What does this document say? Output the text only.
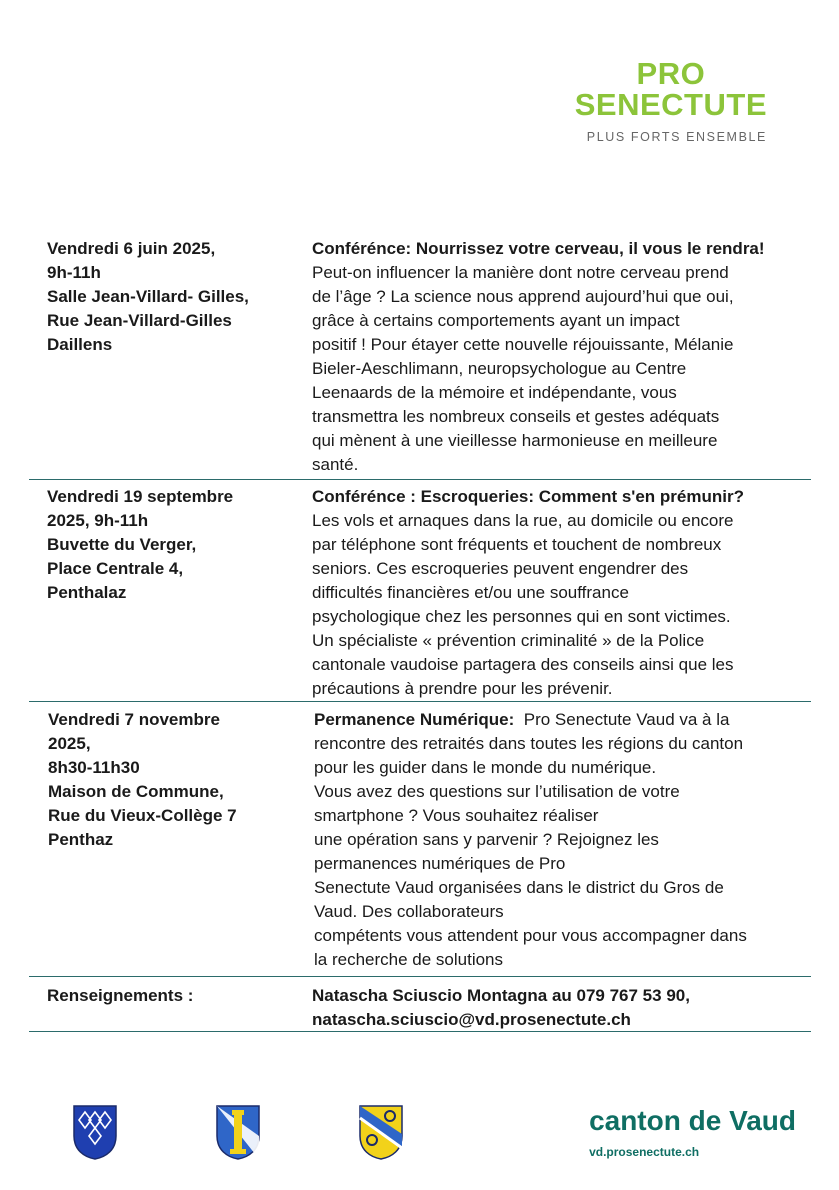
PRO
SENECTUTE
PLUS FORTS ENSEMBLE
Vendredi 6 juin 2025,
9h-11h
Salle Jean-Villard- Gilles,
Rue Jean-Villard-Gilles
Daillens
Conférénce: Nourrissez votre cerveau, il vous le rendra!
Peut-on influencer la manière dont notre cerveau prend
de l’âge ? La science nous apprend aujourd’hui que oui,
grâce à certains comportements ayant un impact
positif ! Pour étayer cette nouvelle réjouissante, Mélanie
Bieler-Aeschlimann, neuropsychologue au Centre
Leenaards de la mémoire et indépendante, vous
transmettra les nombreux conseils et gestes adéquats
qui mènent à une vieillesse harmonieuse en meilleure
santé.
Vendredi 19 septembre
2025, 9h-11h
Buvette du Verger,
Place Centrale 4,
Penthalaz
Conférénce : Escroqueries: Comment s'en prémunir?
Les vols et arnaques dans la rue, au domicile ou encore
par téléphone sont fréquents et touchent de nombreux
seniors. Ces escroqueries peuvent engendrer des
difficultés financières et/ou une souffrance
psychologique chez les personnes qui en sont victimes.
Un spécialiste « prévention criminalité » de la Police
cantonale vaudoise partagera des conseils ainsi que les
précautions à prendre pour les prévenir.
Vendredi 7 novembre
2025,
8h30-11h30
Maison de Commune,
Rue du Vieux-Collège 7
Penthaz
Permanence Numérique:  Pro Senectute Vaud va à la
rencontre des retraités dans toutes les régions du canton
pour les guider dans le monde du numérique.
Vous avez des questions sur l’utilisation de votre
smartphone ? Vous souhaitez réaliser
une opération sans y parvenir ? Rejoignez les
permanences numériques de Pro
Senectute Vaud organisées dans le district du Gros de
Vaud. Des collaborateurs
compétents vous attendent pour vous accompagner dans
la recherche de solutions
Renseignements :	Natascha Sciuscio Montagna au 079 767 53 90,
natascha.sciuscio@vd.prosenectute.ch
canton de Vaud
vd.prosenectute.ch
